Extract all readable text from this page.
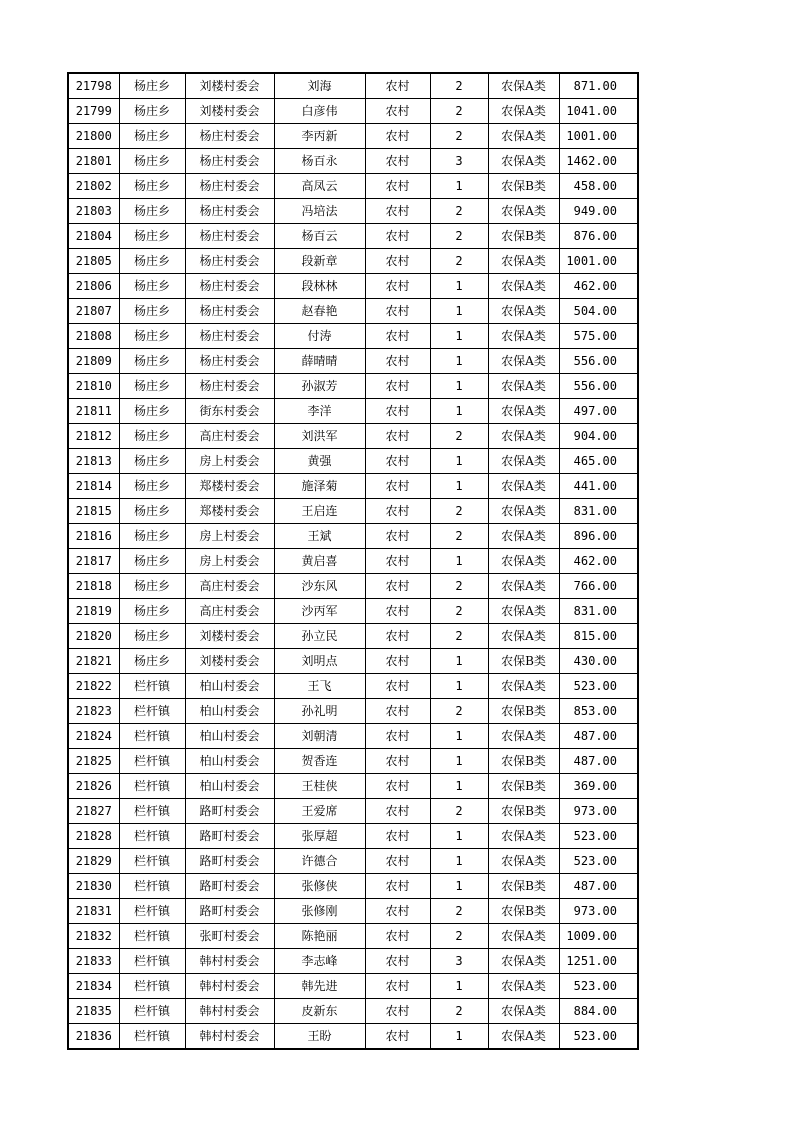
21798	杨庄乡	刘楼村委会	刘海	农村	2	农保A类	871.00
21799	杨庄乡	刘楼村委会	白彦伟	农村	2	农保A类	1041.00
21800	杨庄乡	杨庄村委会	李丙新	农村	2	农保A类	1001.00
21801	杨庄乡	杨庄村委会	杨百永	农村	3	农保A类	1462.00
21802	杨庄乡	杨庄村委会	高凤云	农村	1	农保B类	458.00
21803	杨庄乡	杨庄村委会	冯培法	农村	2	农保A类	949.00
21804	杨庄乡	杨庄村委会	杨百云	农村	2	农保B类	876.00
21805	杨庄乡	杨庄村委会	段新章	农村	2	农保A类	1001.00
21806	杨庄乡	杨庄村委会	段林林	农村	1	农保A类	462.00
21807	杨庄乡	杨庄村委会	赵春艳	农村	1	农保A类	504.00
21808	杨庄乡	杨庄村委会	付涛	农村	1	农保A类	575.00
21809	杨庄乡	杨庄村委会	薛晴晴	农村	1	农保A类	556.00
21810	杨庄乡	杨庄村委会	孙淑芳	农村	1	农保A类	556.00
21811	杨庄乡	街东村委会	李洋	农村	1	农保A类	497.00
21812	杨庄乡	高庄村委会	刘洪军	农村	2	农保A类	904.00
21813	杨庄乡	房上村委会	黄强	农村	1	农保A类	465.00
21814	杨庄乡	郑楼村委会	施泽菊	农村	1	农保A类	441.00
21815	杨庄乡	郑楼村委会	王启连	农村	2	农保A类	831.00
21816	杨庄乡	房上村委会	王斌	农村	2	农保A类	896.00
21817	杨庄乡	房上村委会	黄启喜	农村	1	农保A类	462.00
21818	杨庄乡	高庄村委会	沙东风	农村	2	农保A类	766.00
21819	杨庄乡	高庄村委会	沙丙军	农村	2	农保A类	831.00
21820	杨庄乡	刘楼村委会	孙立民	农村	2	农保A类	815.00
21821	杨庄乡	刘楼村委会	刘明点	农村	1	农保B类	430.00
21822	栏杆镇	柏山村委会	王飞	农村	1	农保A类	523.00
21823	栏杆镇	柏山村委会	孙礼明	农村	2	农保B类	853.00
21824	栏杆镇	柏山村委会	刘朝清	农村	1	农保A类	487.00
21825	栏杆镇	柏山村委会	贺香连	农村	1	农保B类	487.00
21826	栏杆镇	柏山村委会	王桂侠	农村	1	农保B类	369.00
21827	栏杆镇	路町村委会	王爱席	农村	2	农保B类	973.00
21828	栏杆镇	路町村委会	张厚超	农村	1	农保A类	523.00
21829	栏杆镇	路町村委会	许德合	农村	1	农保A类	523.00
21830	栏杆镇	路町村委会	张修侠	农村	1	农保B类	487.00
21831	栏杆镇	路町村委会	张修刚	农村	2	农保B类	973.00
21832	栏杆镇	张町村委会	陈艳丽	农村	2	农保A类	1009.00
21833	栏杆镇	韩村村委会	李志峰	农村	3	农保A类	1251.00
21834	栏杆镇	韩村村委会	韩先进	农村	1	农保A类	523.00
21835	栏杆镇	韩村村委会	皮新东	农村	2	农保A类	884.00
21836	栏杆镇	韩村村委会	王盼	农村	1	农保A类	523.00
